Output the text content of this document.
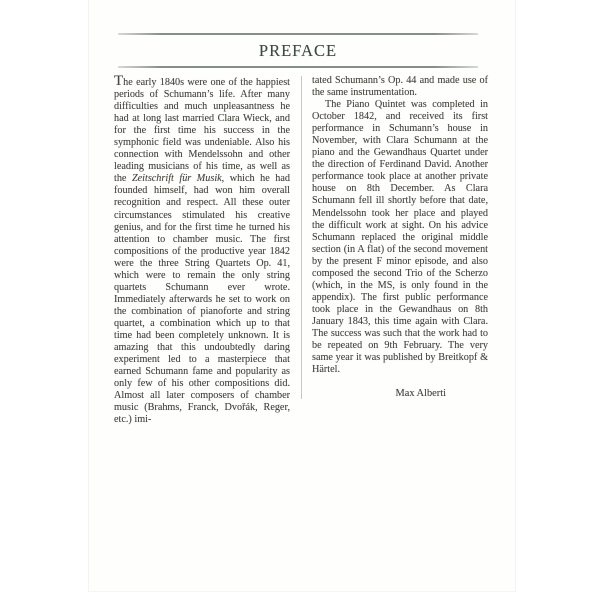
PREFACE

The early 1840s were one of the happiest periods of Schumann’s life. After many difficulties and much unpleasantness he had at long last married Clara Wieck, and for the first time his success in the symphonic field was undeniable. Also his connection with Mendelssohn and other leading musicians of his time, as well as the Zeitschrift für Musik, which he had founded himself, had won him overall recognition and respect. All these outer circumstances stimulated his creative genius, and for the first time he turned his attention to chamber music. The first compositions of the productive year 1842 were the three String Quartets Op. 41, which were to remain the only string quartets Schumann ever wrote. Immediately afterwards he set to work on the combination of pianoforte and string quartet, a combination which up to that time had been completely unknown. It is amazing that this undoubtedly daring experiment led to a masterpiece that earned Schumann fame and popularity as only few of his other compositions did. Almost all later composers of chamber music (Brahms, Franck, Dvořák, Reger, etc.) imi-

tated Schumann’s Op. 44 and made use of the same instrumentation.

The Piano Quintet was completed in October 1842, and received its first performance in Schumann’s house in November, with Clara Schumann at the piano and the Gewandhaus Quartet under the direction of Ferdinand David. Another performance took place at another private house on 8th December. As Clara Schumann fell ill shortly before that date, Mendelssohn took her place and played the difficult work at sight. On his advice Schumann replaced the original middle section (in A flat) of the second movement by the present F minor episode, and also composed the second Trio of the Scherzo (which, in the MS, is only found in the appendix). The first public performance took place in the Gewandhaus on 8th January 1843, this time again with Clara. The success was such that the work had to be repeated on 9th February. The very same year it was published by Breitkopf & Härtel.

Max Alberti
